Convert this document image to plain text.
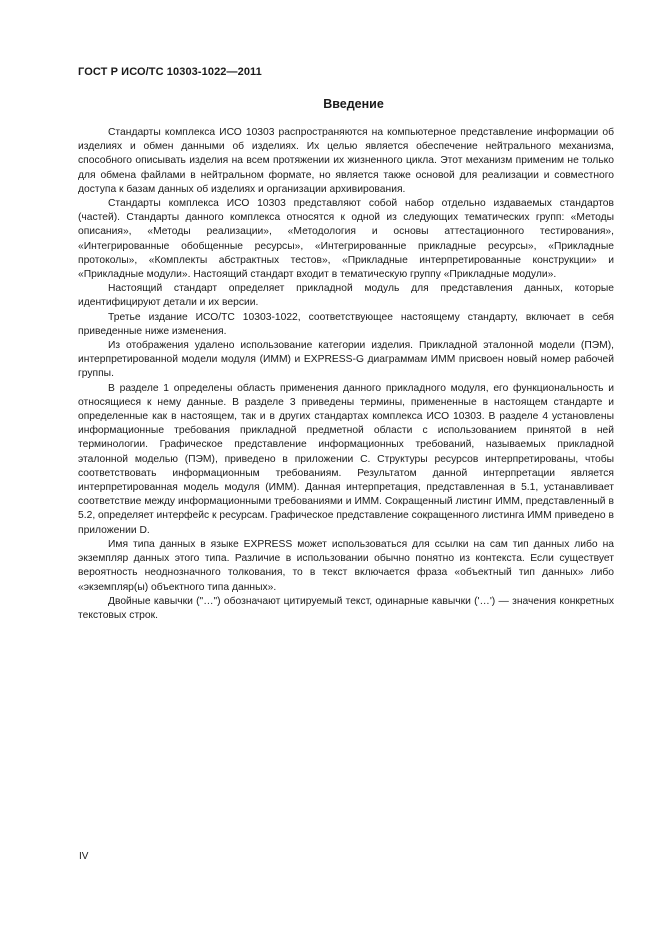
ГОСТ Р ИСО/ТС 10303-1022—2011
Введение

Стандарты комплекса ИСО 10303 распространяются на компьютерное представление информации об изделиях и обмен данными об изделиях. Их целью является обеспечение нейтрального механизма, способного описывать изделия на всем протяжении их жизненного цикла. Этот механизм применим не только для обмена файлами в нейтральном формате, но является также основой для реализации и совместного доступа к базам данных об изделиях и организации архивирования.

Стандарты комплекса ИСО 10303 представляют собой набор отдельно издаваемых стандартов (частей). Стандарты данного комплекса относятся к одной из следующих тематических групп: «Методы описания», «Методы реализации», «Методология и основы аттестационного тестирования», «Интегрированные обобщенные ресурсы», «Интегрированные прикладные ресурсы», «Прикладные протоколы», «Комплекты абстрактных тестов», «Прикладные интерпретированные конструкции» и «Прикладные модули». Настоящий стандарт входит в тематическую группу «Прикладные модули».

Настоящий стандарт определяет прикладной модуль для представления данных, которые идентифицируют детали и их версии.

Третье издание ИСО/ТС 10303-1022, соответствующее настоящему стандарту, включает в себя приведенные ниже изменения.

Из отображения удалено использование категории изделия. Прикладной эталонной модели (ПЭМ), интерпретированной модели модуля (ИММ) и EXPRESS-G диаграммам ИММ присвоен новый номер рабочей группы.

В разделе 1 определены область применения данного прикладного модуля, его функциональность и относящиеся к нему данные. В разделе 3 приведены термины, примененные в настоящем стандарте и определенные как в настоящем, так и в других стандартах комплекса ИСО 10303. В разделе 4 установлены информационные требования прикладной предметной области с использованием принятой в ней терминологии. Графическое представление информационных требований, называемых прикладной эталонной моделью (ПЭМ), приведено в приложении C. Структуры ресурсов интерпретированы, чтобы соответствовать информационным требованиям. Результатом данной интерпретации является интерпретированная модель модуля (ИММ). Данная интерпретация, представленная в 5.1, устанавливает соответствие между информационными требованиями и ИММ. Сокращенный листинг ИММ, представленный в 5.2, определяет интерфейс к ресурсам. Графическое представление сокращенного листинга ИММ приведено в приложении D.

Имя типа данных в языке EXPRESS может использоваться для ссылки на сам тип данных либо на экземпляр данных этого типа. Различие в использовании обычно понятно из контекста. Если существует вероятность неоднозначного толкования, то в текст включается фраза «объектный тип данных» либо «экземпляр(ы) объектного типа данных».

Двойные кавычки ("…") обозначают цитируемый текст, одинарные кавычки ('…') — значения конкретных текстовых строк.

IV
